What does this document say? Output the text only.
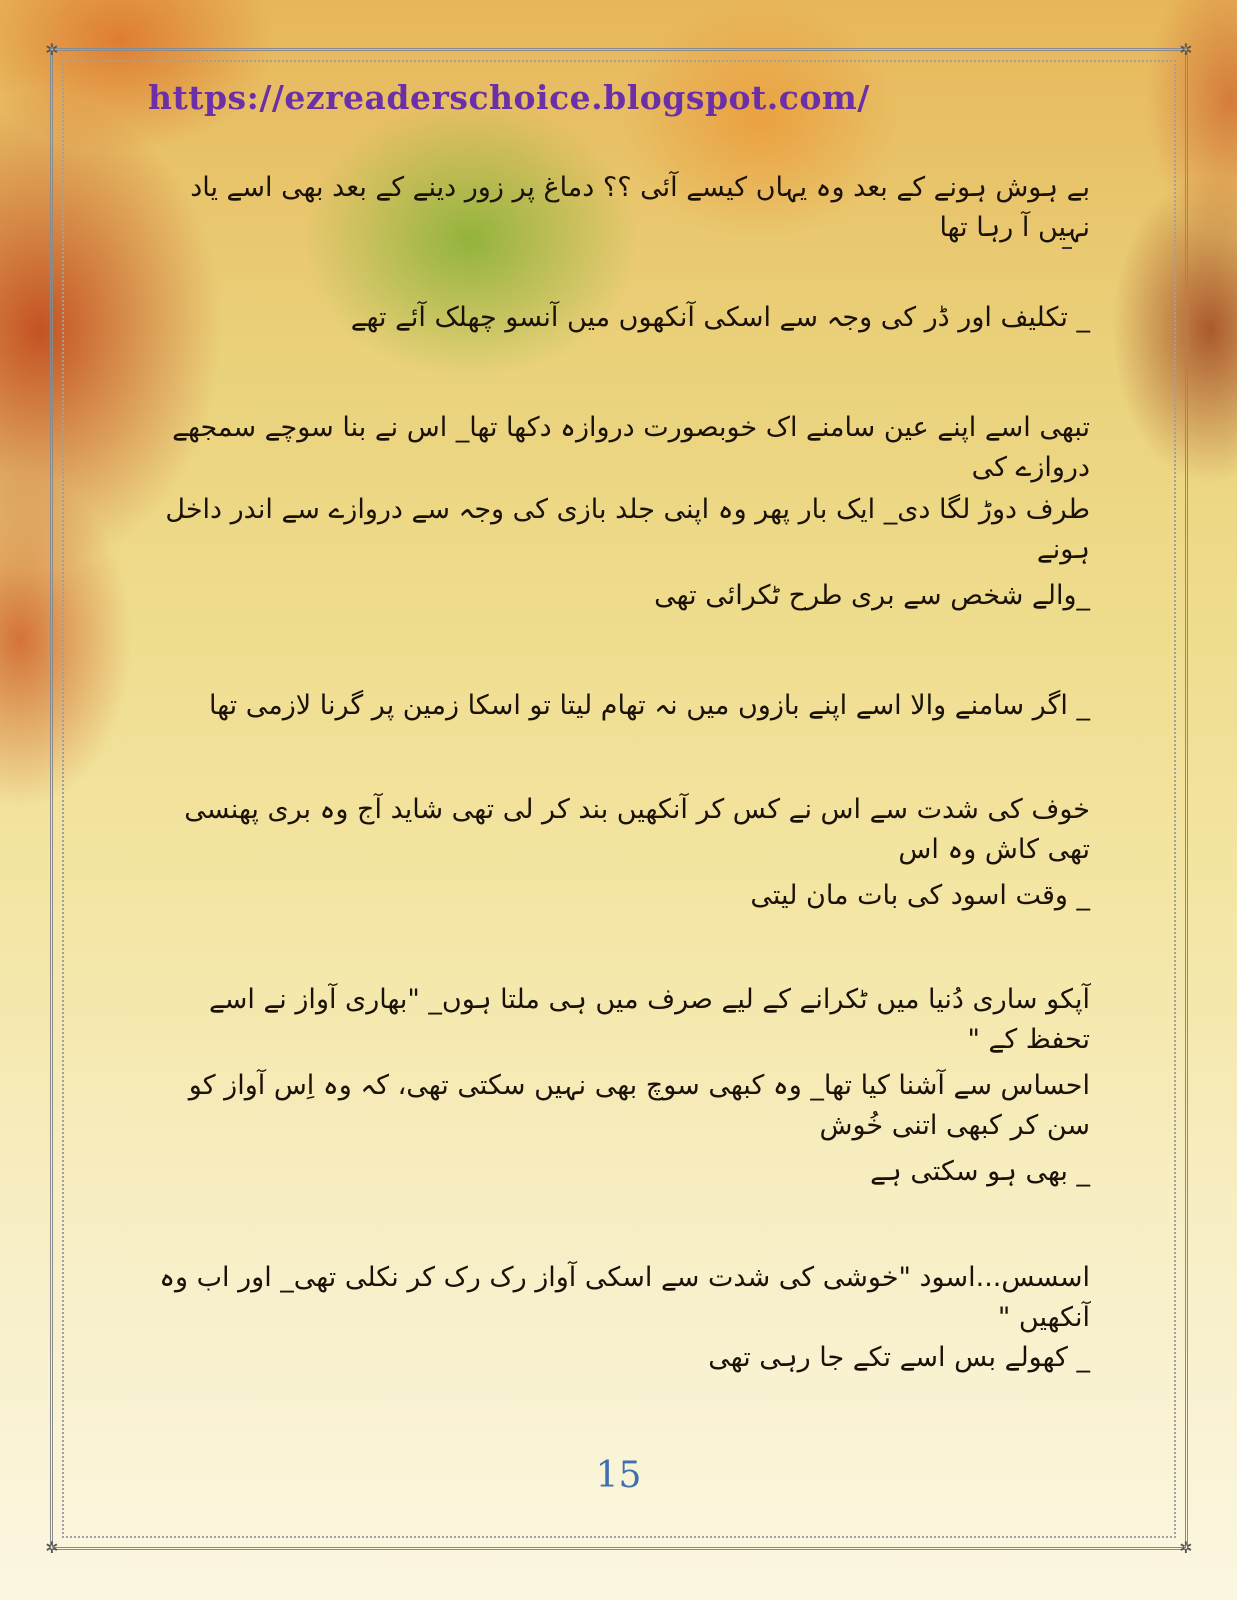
✲	✲
✲	✲
https://ezreaderschoice.blogspot.com/
بے ہوش ہونے کے بعد وہ یہاں کیسے آئی ؟؟ دماغ پر زور دینے کے بعد بھی اسے یاد نہیں آ رہا تھا
_ تکلیف اور ڈر کی وجہ سے اسکی آنکھوں میں آنسو چھلک آئے تھے
تبھی اسے اپنے عین سامنے اک خوبصورت دروازہ دکھا تھا_ اس نے بنا سوچے سمجھے دروازے کی
طرف دوڑ لگا دی_ ایک بار پھر وہ اپنی جلد بازی کی وجہ سے دروازے سے اندر داخل ہونے
_والے شخص سے بری طرح ٹکرائی تھی
_ اگر سامنے والا اسے اپنے بازوں میں نہ تھام لیتا تو اسکا زمین پر گرنا لازمی تھا
خوف کی شدت سے اس نے کس کر آنکھیں بند کر لی تھی شاید آج وہ بری پھنسی تھی کاش وہ اس
_ وقت اسود کی بات مان لیتی
آپکو ساری دُنیا میں ٹکرانے کے لیے صرف میں ہی ملتا ہوں_ "بھاری آواز نے اسے تحفظ کے "
احساس سے آشنا کیا تھا_ وہ کبھی سوچ بھی نہیں سکتی تھی، کہ وہ اِس آواز کو سن کر کبھی اتنی خُوش
_ بھی ہو سکتی ہے
اسسس...اسود "خوشی کی شدت سے اسکی آواز رک رک کر نکلی تھی_ اور اب وہ آنکھیں "
_ کھولے بس اسے تکے جا رہی تھی
15
